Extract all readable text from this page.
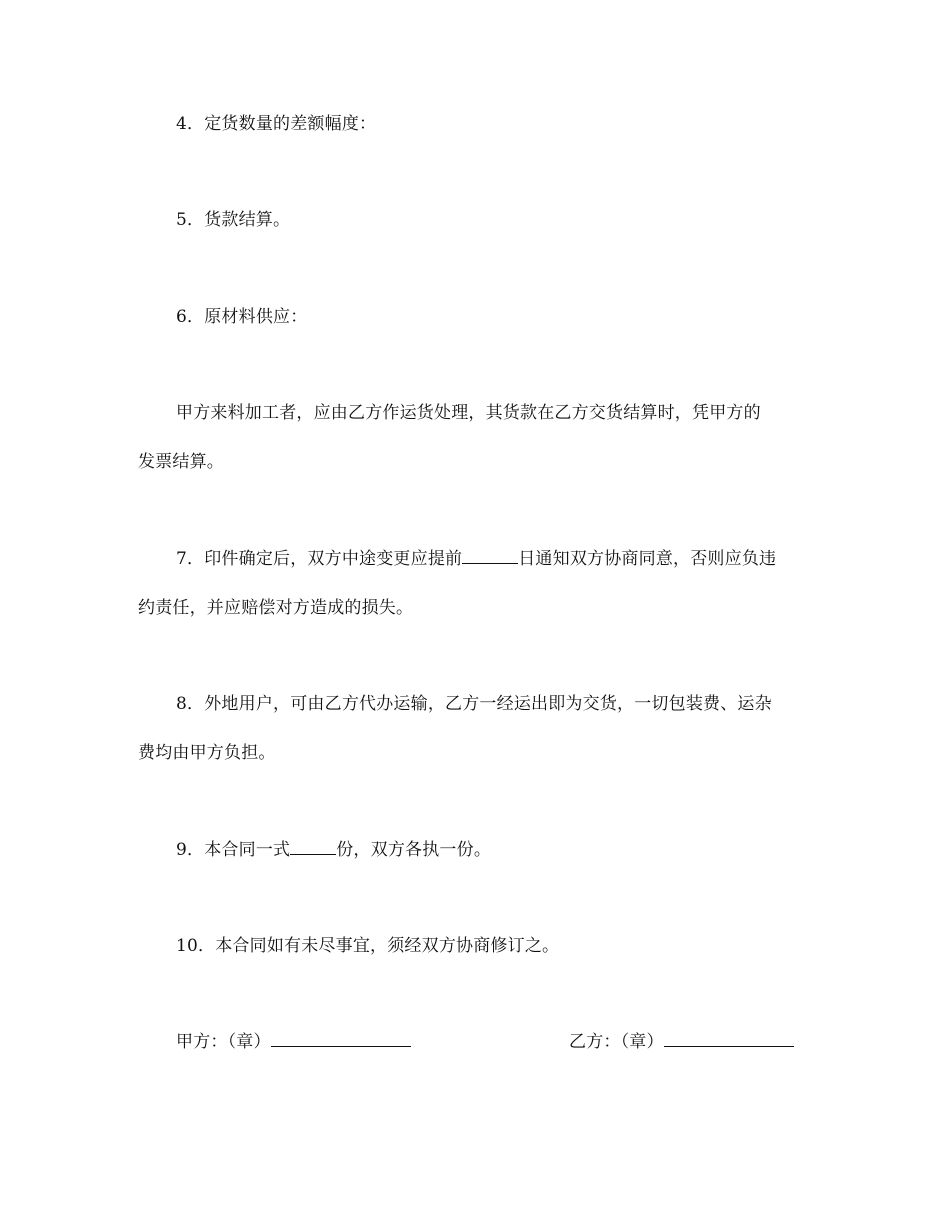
4．定货数量的差额幅度：
5．货款结算。
6．原材料供应：
甲方来料加工者，应由乙方作运货处理，其货款在乙方交货结算时，凭甲方的
发票结算。
7．印件确定后，双方中途变更应提前	日通知双方协商同意，否则应负违
约责任，并应赔偿对方造成的损失。
8．外地用户，可由乙方代办运输，乙方一经运出即为交货，一切包装费、运杂
费均由甲方负担。
9．本合同一式	份，双方各执一份。
10．本合同如有未尽事宜，须经双方协商修订之。
甲方：（章）	乙方：（章）
